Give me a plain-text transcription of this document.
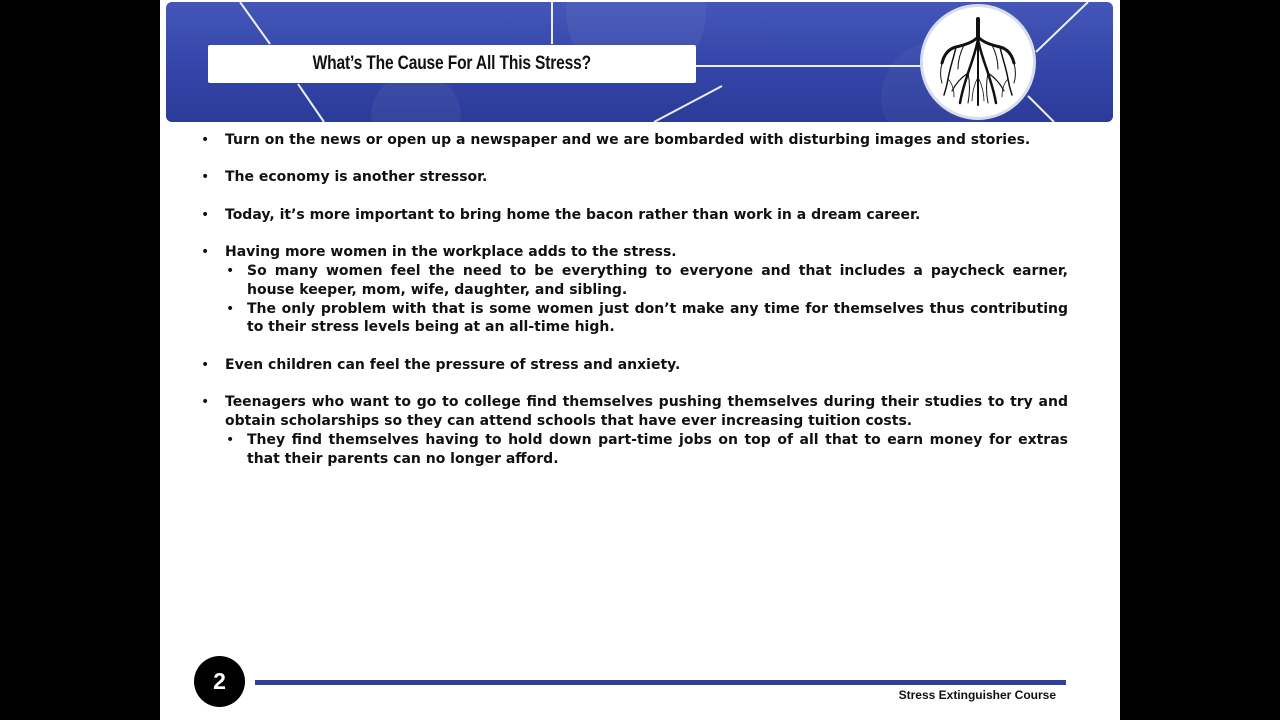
What’s The Cause For All This Stress?
• Turn on the news or open up a newspaper and we are bombarded with disturbing images and stories.
• The economy is another stressor.
• Today, it’s more important to bring home the bacon rather than work in a dream career.
• Having more women in the workplace adds to the stress.
• So many women feel the need to be everything to everyone and that includes a paycheck earner, house keeper, mom, wife, daughter, and sibling.
• The only problem with that is some women just don’t make any time for themselves thus contributing to their stress levels being at an all-time high.
• Even children can feel the pressure of stress and anxiety.
• Teenagers who want to go to college find themselves pushing themselves during their studies to try and obtain scholarships so they can attend schools that have ever increasing tuition costs.
• They find themselves having to hold down part-time jobs on top of all that to earn money for extras that their parents can no longer afford.
2
Stress Extinguisher Course
